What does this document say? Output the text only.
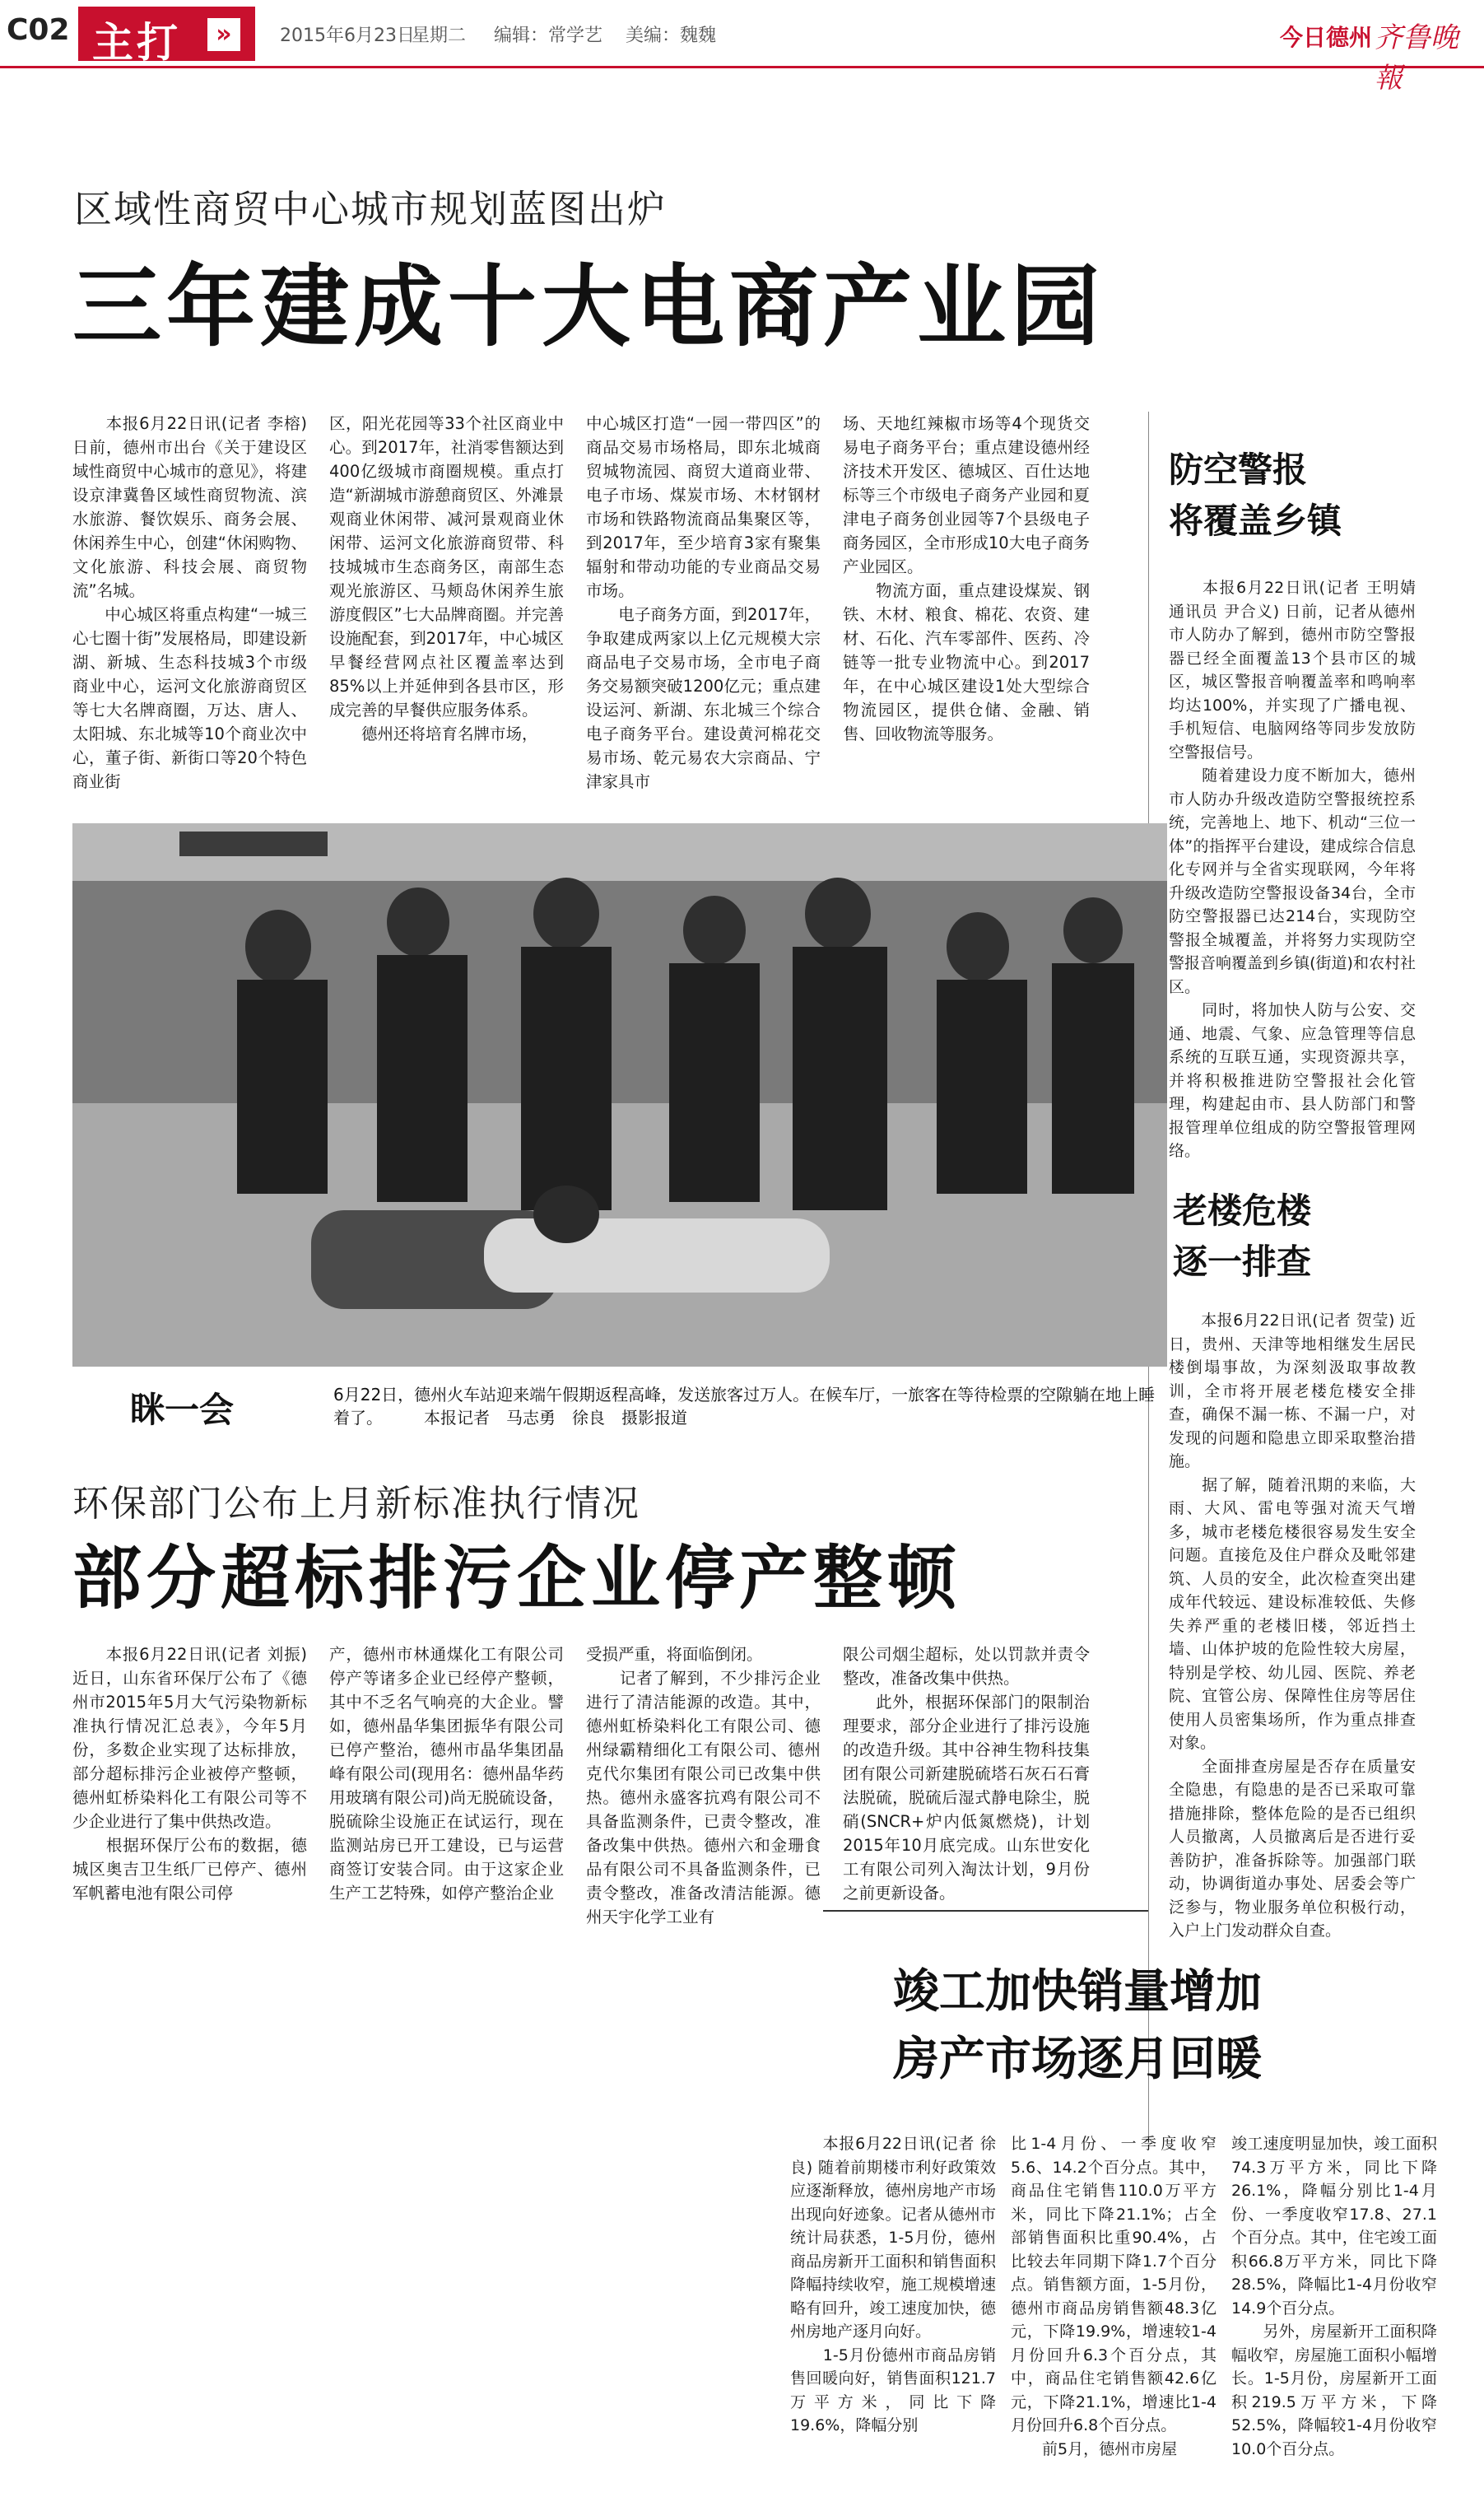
C02 主打	»	2015年6月23日
星期二 编辑：常学艺 美编：魏魏	今日德州 齐鲁晚報
区域性商贸中心城市规划蓝图出炉
三年建成十大电商产业园
　　本报6月22日讯(记者 李榕) 日前，德州市出台《关于建设区域性商贸中心城市的意见》，将建设京津冀鲁区域性商贸物流、滨水旅游、餐饮娱乐、商务会展、休闲养生中心，创建“休闲购物、文化旅游、科技会展、商贸物流”名城。
　　中心城区将重点构建“一城三心七圈十街”发展格局，即建设新湖、新城、生态科技城3个市级商业中心，运河文化旅游商贸区等七大名牌商圈，万达、唐人、太阳城、东北城等10个商业次中心，董子街、新街口等20个特色商业街
区，阳光花园等33个社区商业中心。到2017年，社消零售额达到400亿级城市商圈规模。重点打造“新湖城市游憩商贸区、外滩景观商业休闲带、减河景观商业休闲带、运河文化旅游商贸带、科技城城市生态商务区，南部生态观光旅游区、马颊岛休闲养生旅游度假区”七大品牌商圈。并完善设施配套，到2017年，中心城区早餐经营网点社区覆盖率达到85%以上并延伸到各县市区，形成完善的早餐供应服务体系。
　　德州还将培育名牌市场，
中心城区打造“一园一带四区”的商品交易市场格局，即东北城商贸城物流园、商贸大道商业带、电子市场、煤炭市场、木材钢材市场和铁路物流商品集聚区等，到2017年，至少培育3家有聚集辐射和带动功能的专业商品交易市场。
　　电子商务方面，到2017年，争取建成两家以上亿元规模大宗商品电子交易市场，全市电子商务交易额突破1200亿元；重点建设运河、新湖、东北城三个综合电子商务平台。建设黄河棉花交易市场、乾元易农大宗商品、宁津家具市
场、天地红辣椒市场等4个现货交易电子商务平台；重点建设德州经济技术开发区、德城区、百仕达地标等三个市级电子商务产业园和夏津电子商务创业园等7个县级电子商务园区，全市形成10大电子商务产业园区。
　　物流方面，重点建设煤炭、钢铁、木材、粮食、棉花、农资、建材、石化、汽车零部件、医药、冷链等一批专业物流中心。到2017年，在中心城区建设1处大型综合物流园区，提供仓储、金融、销售、回收物流等服务。
防空警报
将覆盖乡镇
　　本报6月22日讯(记者 王明婧 通讯员 尹合义) 日前，记者从德州市人防办了解到，德州市防空警报器已经全面覆盖13个县市区的城区，城区警报音响覆盖率和鸣响率均达100%，并实现了广播电视、手机短信、电脑网络等同步发放防空警报信号。
　　随着建设力度不断加大，德州市人防办升级改造防空警报统控系统，完善地上、地下、机动“三位一体”的指挥平台建设，建成综合信息化专网并与全省实现联网，今年将升级改造防空警报设备34台，全市防空警报器已达214台，实现防空警报全城覆盖，并将努力实现防空警报音响覆盖到乡镇(街道)和农村社区。
　　同时，将加快人防与公安、交通、地震、气象、应急管理等信息系统的互联互通，实现资源共享，并将积极推进防空警报社会化管理，构建起由市、县人防部门和警报管理单位组成的防空警报管理网络。
老楼危楼
逐一排查
　　本报6月22日讯(记者 贺莹) 近日，贵州、天津等地相继发生居民楼倒塌事故，为深刻汲取事故教训，全市将开展老楼危楼安全排查，确保不漏一栋、不漏一户，对发现的问题和隐患立即采取整治措施。
　　据了解，随着汛期的来临，大雨、大风、雷电等强对流天气增多，城市老楼危楼很容易发生安全问题。直接危及住户群众及毗邻建筑、人员的安全，此次检查突出建成年代较远、建设标准较低、失修失养严重的老楼旧楼，邻近挡土墙、山体护坡的危险性较大房屋，特别是学校、幼儿园、医院、养老院、宜管公房、保障性住房等居住使用人员密集场所，作为重点排查对象。
　　全面排查房屋是否存在质量安全隐患，有隐患的是否已采取可靠措施排除，整体危险的是否已组织人员撤离，人员撤离后是否进行妥善防护，准备拆除等。加强部门联动，协调街道办事处、居委会等广泛参与，物业服务单位积极行动，入户上门发动群众自查。
眯一会	6月22日，德州火车站迎来端午假期返程高峰，发送旅客过万人。在候车厅，一旅客在等待检票的空隙躺在地上睡着了。　　　本报记者　马志勇　徐良　摄影报道
环保部门公布上月新标准执行情况
部分超标排污企业停产整顿
　　本报6月22日讯(记者 刘振) 近日，山东省环保厅公布了《德州市2015年5月大气污染物新标准执行情况汇总表》，今年5月份，多数企业实现了达标排放，部分超标排污企业被停产整顿，德州虹桥染料化工有限公司等不少企业进行了集中供热改造。
　　根据环保厅公布的数据，德城区奥吉卫生纸厂已停产、德州军帆蓄电池有限公司停
产，德州市林通煤化工有限公司停产等诸多企业已经停产整顿，其中不乏名气响亮的大企业。譬如，德州晶华集团振华有限公司已停产整治，德州市晶华集团晶峰有限公司(现用名：德州晶华药用玻璃有限公司)尚无脱硫设备，脱硫除尘设施正在试运行，现在监测站房已开工建设，已与运营商签订安装合同。由于这家企业生产工艺特殊，如停产整治企业
受损严重，将面临倒闭。
　　记者了解到，不少排污企业进行了清洁能源的改造。其中，德州虹桥染料化工有限公司、德州绿霸精细化工有限公司、德州克代尔集团有限公司已改集中供热。德州永盛客抗鸡有限公司不具备监测条件，已责令整改，准备改集中供热。德州六和金珊食品有限公司不具备监测条件，已责令整改，准备改清洁能源。德州天宇化学工业有
限公司烟尘超标，处以罚款并责令整改，准备改集中供热。
　　此外，根据环保部门的限制治理要求，部分企业进行了排污设施的改造升级。其中谷神生物科技集团有限公司新建脱硫塔石灰石石膏法脱硫，脱硫后湿式静电除尘，脱硝(SNCR+炉内低氮燃烧)，计划2015年10月底完成。山东世安化工有限公司列入淘汰计划，9月份之前更新设备。
竣工加快销量增加
房产市场逐月回暖
　　本报6月22日讯(记者 徐良) 随着前期楼市利好政策效应逐渐释放，德州房地产市场出现向好迹象。记者从德州市统计局获悉，1-5月份，德州商品房新开工面积和销售面积降幅持续收窄，施工规模增速略有回升，竣工速度加快，德州房地产逐月向好。
　　1-5月份德州市商品房销售回暖向好，销售面积121.7万平方米，同比下降19.6%，降幅分别
比1-4月份、一季度收窄5.6、14.2个百分点。其中，商品住宅销售110.0万平方米，同比下降21.1%；占全部销售面积比重90.4%，占比较去年同期下降1.7个百分点。销售额方面，1-5月份，德州市商品房销售额48.3亿元，下降19.9%，增速较1-4月份回升6.3个百分点，其中，商品住宅销售额42.6亿元，下降21.1%，增速比1-4月份回升6.8个百分点。
　　前5月，德州市房屋
竣工速度明显加快，竣工面积74.3万平方米，同比下降26.1%，降幅分别比1-4月份、一季度收窄17.8、27.1个百分点。其中，住宅竣工面积66.8万平方米，同比下降28.5%，降幅比1-4月份收窄14.9个百分点。
　　另外，房屋新开工面积降幅收窄，房屋施工面积小幅增长。1-5月份，房屋新开工面积219.5万平方米，下降52.5%，降幅较1-4月份收窄10.0个百分点。
